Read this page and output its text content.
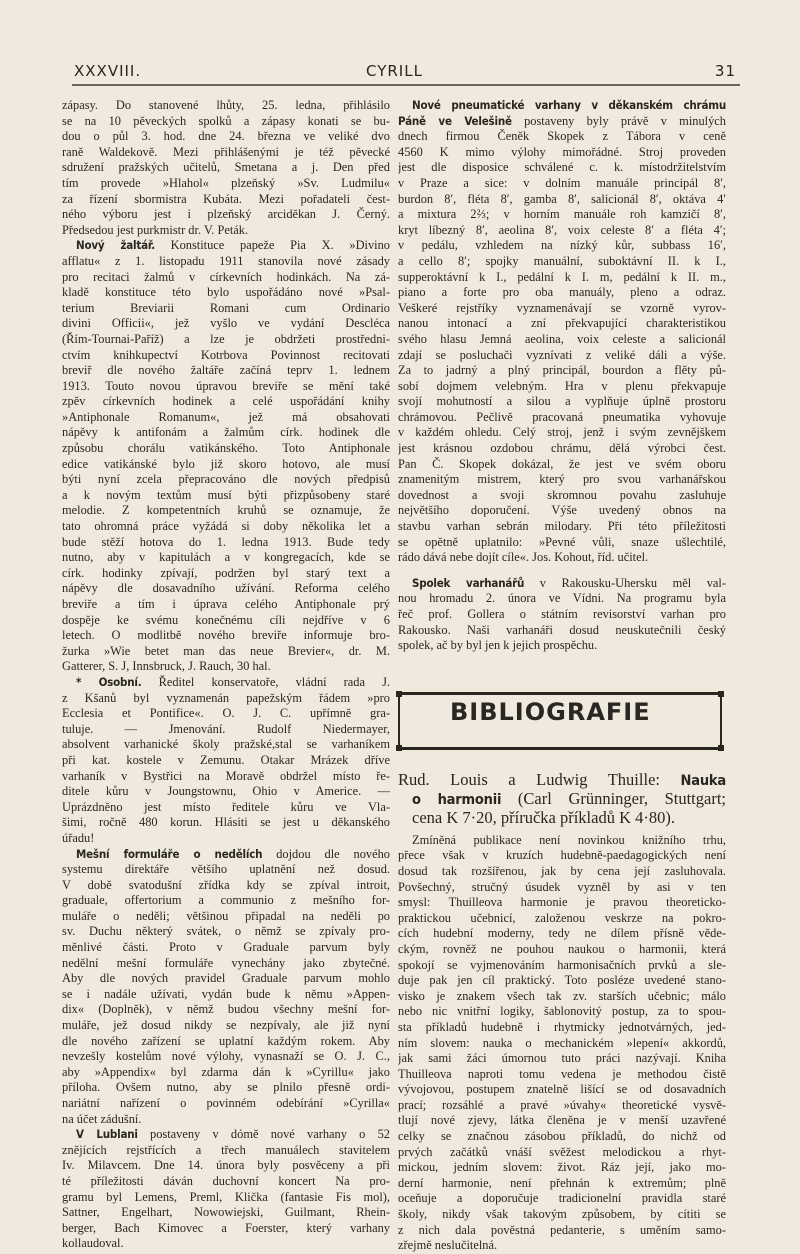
XXXVIII.	CYRILL	31
zápasy. Do stanovené lhůty, 25. ledna, přihlásilo
se na 10 pěveckých spolků a zápasy konati se bu-
dou o půl 3. hod. dne 24. března ve veliké dvo
raně Waldekově. Mezi přihlášenými je též pěvecké
sdružení pražských učitelů, Smetana a j. Den před
tím provede »Hlahol« plzeňský »Sv. Ludmilu«
za řízení sbormistra Kubáta. Mezi pořadateli čest-
ného výboru jest i plzeňský arciděkan J. Černý.
Předsedou jest purkmistr dr. V. Peták.
Nový žaltář. Konstituce papeže Pia X. »Divino
afflatu« z 1. listopadu 1911 stanovila nové zásady
pro recitaci žalmů v církevních hodinkách. Na zá-
kladě konstituce této bylo uspořádáno nové »Psal-
terium Breviarii Romani cum Ordinario
divini Officii«, jež vyšlo ve vydání Descléca
(Řím-Tournai-Paříž) a lze je obdržeti prostředni-
ctvím knihkupectví Kotrbova Povinnost recitovati
breviř dle nového žaltáře začíná teprv 1. lednem
1913. Touto novou úpravou breviře se mění také
zpěv církevních hodinek a celé uspořádání knihy
»Antiphonale Romanum«, jež má obsahovati
nápěvy k antifonám a žalmům círk. hodinek dle
způsobu chorálu vatikánského. Toto Antiphonale
edice vatikánské bylo již skoro hotovo, ale musí
býti nyní zcela přepracováno dle nových předpisů
a k novým textům musí býti přizpůsobeny staré
melodie. Z kompetentních kruhů se oznamuje, že
tato ohromná práce vyžádá si doby několika let a
bude stěží hotova do 1. ledna 1913. Bude tedy
nutno, aby v kapitulách a v kongregacích, kde se
círk. hodinky zpívají, podržen byl starý text a
nápěvy dle dosavadního užívání. Reforma celého
breviře a tím i úprava celého Antiphonale prý
dospěje ke svému konečnému cíli nejdříve v 6
letech. O modlitbě nového breviře informuje bro-
žurka »Wie betet man das neue Brevier«, dr. M.
Gatterer, S. J, Innsbruck, J. Rauch, 30 hal.
* Osobní. Ředitel konservatoře, vládní rada J.
z Kšanů byl vyznamenán papežským řádem »pro
Ecclesia et Pontifice«. O. J. C. upřímně gra-
tuluje. — Jmenování. Rudolf Niedermayer,
absolvent varhanické školy pražské,stal se varhaníkem
při kat. kostele v Zemunu. Otakar Mrázek dříve
varhaník v Bystřici na Moravě obdržel místo ře-
ditele kůru v Joungstownu, Ohio v Americe. —
Uprázdněno jest místo ředitele kůru ve Vla-
šimi, ročně 480 korun. Hlásiti se jest u děkanského
úřadu!
Mešní formuláře o nedělích dojdou dle nového
systemu direktáře většího uplatnění než dosud.
V době svatodušní zřídka kdy se zpíval introit,
graduale, offertorium a communio z mešního for-
muláře o neděli; většinou připadal na neděli po
sv. Duchu některý svátek, o němž se zpívaly pro-
měnlivé části. Proto v Graduale parvum byly
nedělní mešní formuláře vynechány jako zbytečné.
Aby dle nových pravidel Graduale parvum mohlo
se i nadále užívati, vydán bude k němu »Appen-
dix« (Doplněk), v němž budou všechny mešní for-
muláře, jež dosud nikdy se nezpívaly, ale již nyní
dle nového zařízení se uplatní každým rokem. Aby
nevzešly kostelům nové výlohy, vynasnaží se O. J. C.,
aby »Appendix« byl zdarma dán k »Cyrillu« jako
příloha. Ovšem nutno, aby se plnilo přesně ordi-
nariátní nařízení o povinném odebírání »Cyrilla«
na účet zádušní.
V Lublani postaveny v dómě nové varhany o 52
znějících rejstřících a třech manuálech stavitelem
Iv. Milavcem. Dne 14. února byly posvěceny a při
té příležitosti dáván duchovní koncert Na pro-
gramu byl Lemens, Preml, Klička (fantasie Fis mol),
Sattner, Engelhart, Nowowiejski, Guilmant, Rhein-
berger, Bach Kimovec a Foerster, který varhany
kollaudoval.
Nové pneumatické varhany v děkanském chrámu
Páně ve Velešině postaveny byly právě v minulých
dnech firmou Čeněk Skopek z Tábora v ceně
4560 K mimo výlohy mimořádné. Stroj proveden
jest dle disposice schválené c. k. místodržitelstvím
v Praze a sice: v dolním manuále principál 8′,
burdon 8′, fléta 8′, gamba 8′, salicionál 8′, oktáva 4′
a mixtura 2⅔; v horním manuále roh kamzičí 8′,
kryt líbezný 8′, aeolina 8′, voix celeste 8′ a fléta 4′;
v pedálu, vzhledem na nízký kůr, subbass 16′,
a cello 8′; spojky manuální, suboktávní II. k I.,
supperoktávní k I., pedální k I. m, pedální k II. m.,
piano a forte pro oba manuály, pleno a odraz.
Veškeré rejstříky vyznamenávají se vzorně vyrov-
nanou intonací a zní překvapující charakteristikou
svého hlasu Jemná aeolina, voix celeste a salicionál
zdají se posluchači vyznívati z veliké dáli a výše.
Za to jadrný a plný principál, bourdon a flěty pů-
sobí dojmem velebným. Hra v plenu překvapuje
svojí mohutností a silou a vyplňuje úplně prostoru
chrámovou. Pečlivě pracovaná pneumatika vyhovuje
v každém ohledu. Celý stroj, jenž i svým zevnějškem
jest krásnou ozdobou chrámu, dělá výrobci čest.
Pan Č. Skopek dokázal, že jest ve svém oboru
znamenitým mistrem, který pro svou varhanářskou
dovednost a svoji skromnou povahu zasluhuje
největšího doporučení. Výše uvedený obnos na
stavbu varhan sebrán milodary. Při této příležitosti
se opětně uplatnilo: »Pevné vůli, snaze ušlechtilé,
rádo dává nebe dojít cíle«. Jos. Kohout, říd. učitel.
Spolek varhanářů v Rakousku-Uhersku měl val-
nou hromadu 2. února ve Vídni. Na programu byla
řeč prof. Gollera o státním revisorství varhan pro
Rakousko. Naši varhanáři dosud neuskutečnili český
spolek, ač by byl jen k jejich prospěchu.
BIBLIOGRAFIE
Rud. Louis a Ludwig Thuille: Nauka
o harmonii (Carl Grünninger, Stuttgart;
cena K 7·20, příručka příkladů K 4·80).
Zmíněná publikace není novinkou knižního trhu,
přece však v kruzích hudebně-paedagogických není
dosud tak rozšířenou, jak by cena její zasluhovala.
Povšechný, stručný úsudek vyzněl by asi v ten
smysl: Thuilleova harmonie je pravou theoreticko-
praktickou učebnicí, založenou veskrze na pokro-
cích hudební moderny, tedy ne dílem přísně věde-
ckým, rovněž ne pouhou naukou o harmonii, která
spokojí se vyjmenováním harmonisačních prvků a sle-
duje pak jen cíl praktický. Toto posléze uvedené stano-
visko je znakem všech tak zv. starších učebnic; málo
nebo nic vnitřní logiky, šablonovitý postup, za to spou-
sta příkladů hudebně i rhytmicky jednotvárných, jed-
ním slovem: nauka o mechanickém »lepení« akkordů,
jak sami žáci úmornou tuto práci nazývají. Kniha
Thuilleova naproti tomu vedena je methodou čistě
vývojovou, postupem znatelně lišící se od dosavadních
prací; rozsáhlé a pravé »úvahy« theoretické vysvě-
tlují nové zjevy, látka členěna je v menší uzavřené
celky se značnou zásobou příkladů, do nichž od
prvých začátků vnáší svěžest melodickou a rhyt-
mickou, jedním slovem: život. Ráz její, jako mo-
derní harmonie, není přehnán k extremům; plně
oceňuje a doporučuje tradicionelní pravidla staré
školy, nikdy však takovým způsobem, by cítiti se
z nich dala pověstná pedanterie, s uměním samo-
zřejmě neslučitelná.
